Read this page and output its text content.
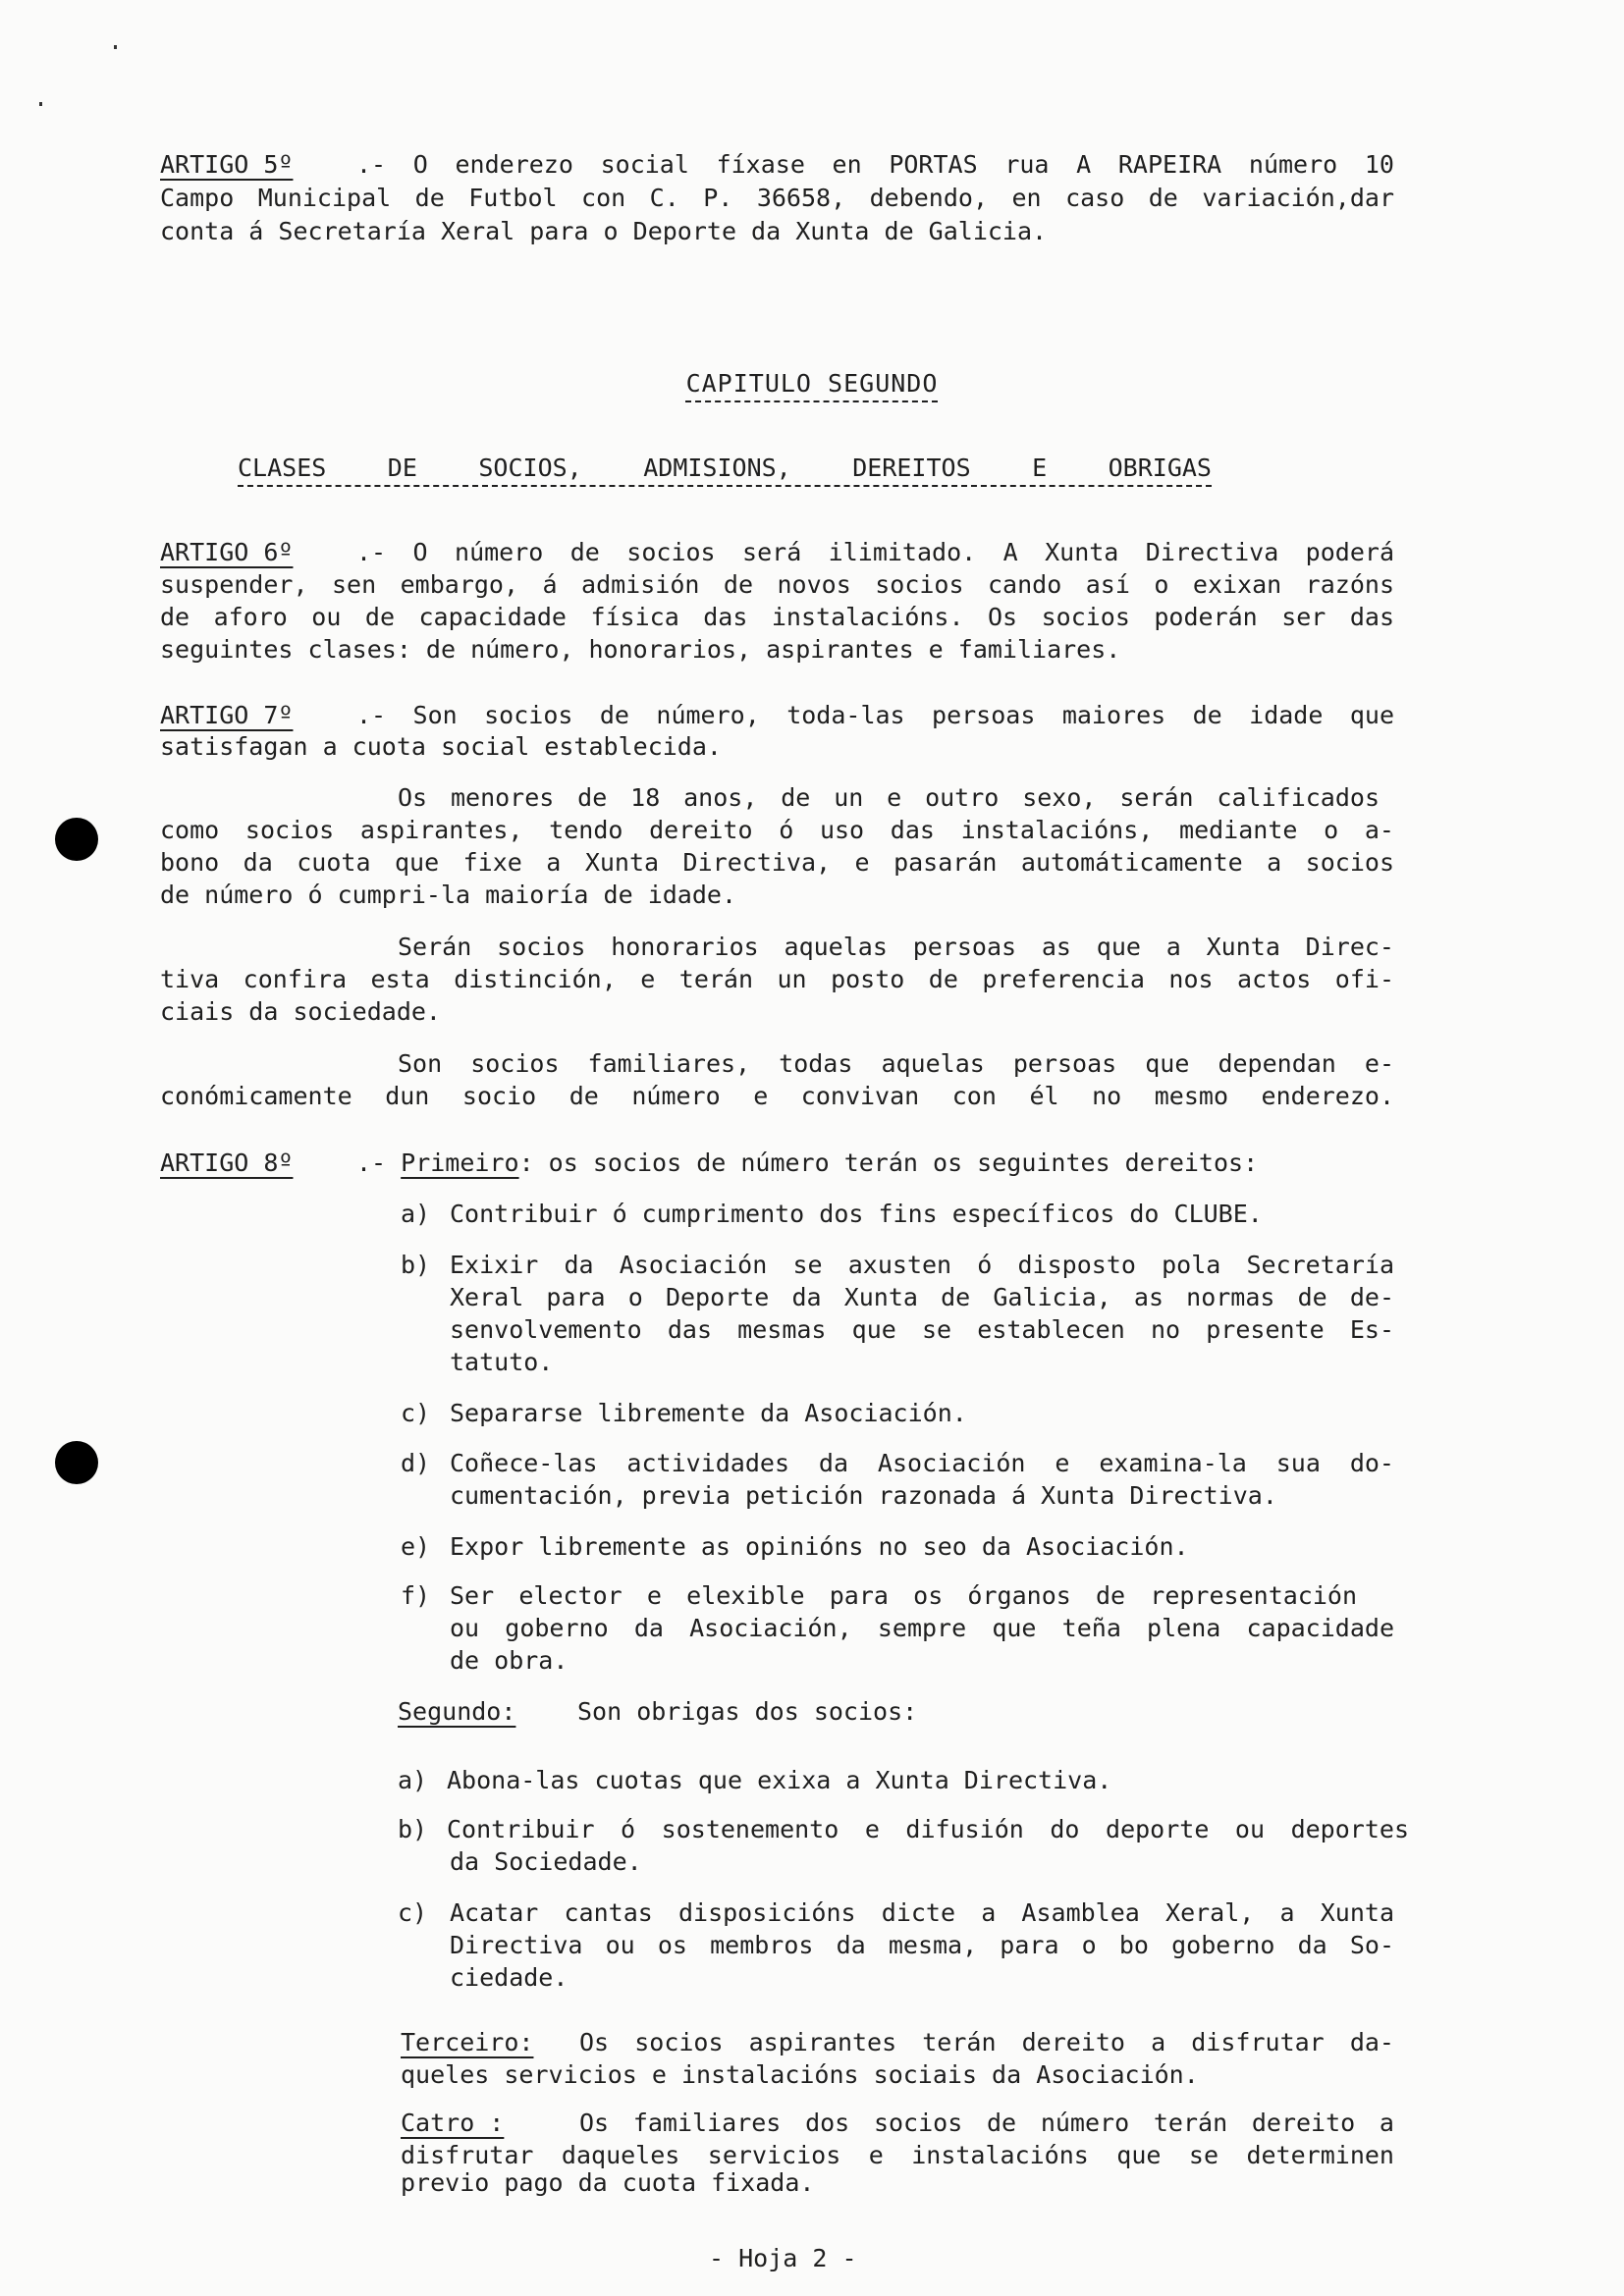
ARTIGO 5º	.- O enderezo social fíxase en PORTAS rua A RAPEIRA número 10
Campo Municipal de Futbol con C. P. 36658, debendo, en caso de variación,dar
conta á Secretaría Xeral para o Deporte da Xunta de Galicia.
CAPITULO SEGUNDO
CLASES DE SOCIOS, ADMISIONS, DEREITOS E OBRIGAS
ARTIGO 6º	.- O número de socios será ilimitado. A Xunta Directiva poderá
suspender, sen embargo, á admisión de novos socios cando así o exixan razóns
de aforo ou de capacidade física das instalacións. Os socios poderán ser das
seguintes clases: de número, honorarios, aspirantes e familiares.
ARTIGO 7º	.- Son socios de número, toda-las persoas maiores de idade que
satisfagan a cuota social establecida.
Os menores de 18 anos, de un e outro sexo, serán calificados
como socios aspirantes, tendo dereito ó uso das instalacións, mediante o a-
bono da cuota que fixe a Xunta Directiva, e pasarán automáticamente a socios
de número ó cumpri-la maioría de idade.
Serán socios honorarios aquelas persoas as que a Xunta Direc-
tiva confira esta distinción, e terán un posto de preferencia nos actos ofi-
ciais da sociedade.
Son socios familiares, todas aquelas persoas que dependan e-
conómicamente dun socio de número e convivan con él no mesmo enderezo.
ARTIGO 8º	.- Primeiro: os socios de número terán os seguintes dereitos:
a) Contribuir ó cumprimento dos fins específicos do CLUBE.
b) Exixir da Asociación se axusten ó disposto pola Secretaría
Xeral para o Deporte da Xunta de Galicia, as normas de de-
senvolvemento das mesmas que se establecen no presente Es-
tatuto.
c) Separarse libremente da Asociación.
d) Coñece-las actividades da Asociación e examina-la sua do-
cumentación, previa petición razonada á Xunta Directiva.
e) Expor libremente as opinións no seo da Asociación.
f) Ser elector e elexible para os órganos de representación
ou goberno da Asociación, sempre que teña plena capacidade
de obra.
Segundo:	Son obrigas dos socios:
a) Abona-las cuotas que exixa a Xunta Directiva.
b) Contribuir ó sostenemento e difusión do deporte ou deportes
da Sociedade.
c) Acatar cantas disposicións dicte a Asamblea Xeral, a Xunta
Directiva ou os membros da mesma, para o bo goberno da So-
ciedade.
Terceiro: Os socios aspirantes terán dereito a disfrutar da-
queles servicios e instalacións sociais da Asociación.
Catro :	Os familiares dos socios de número terán dereito a
disfrutar daqueles servicios e instalacións que se determinen
previo pago da cuota fixada.
- Hoja 2 -
